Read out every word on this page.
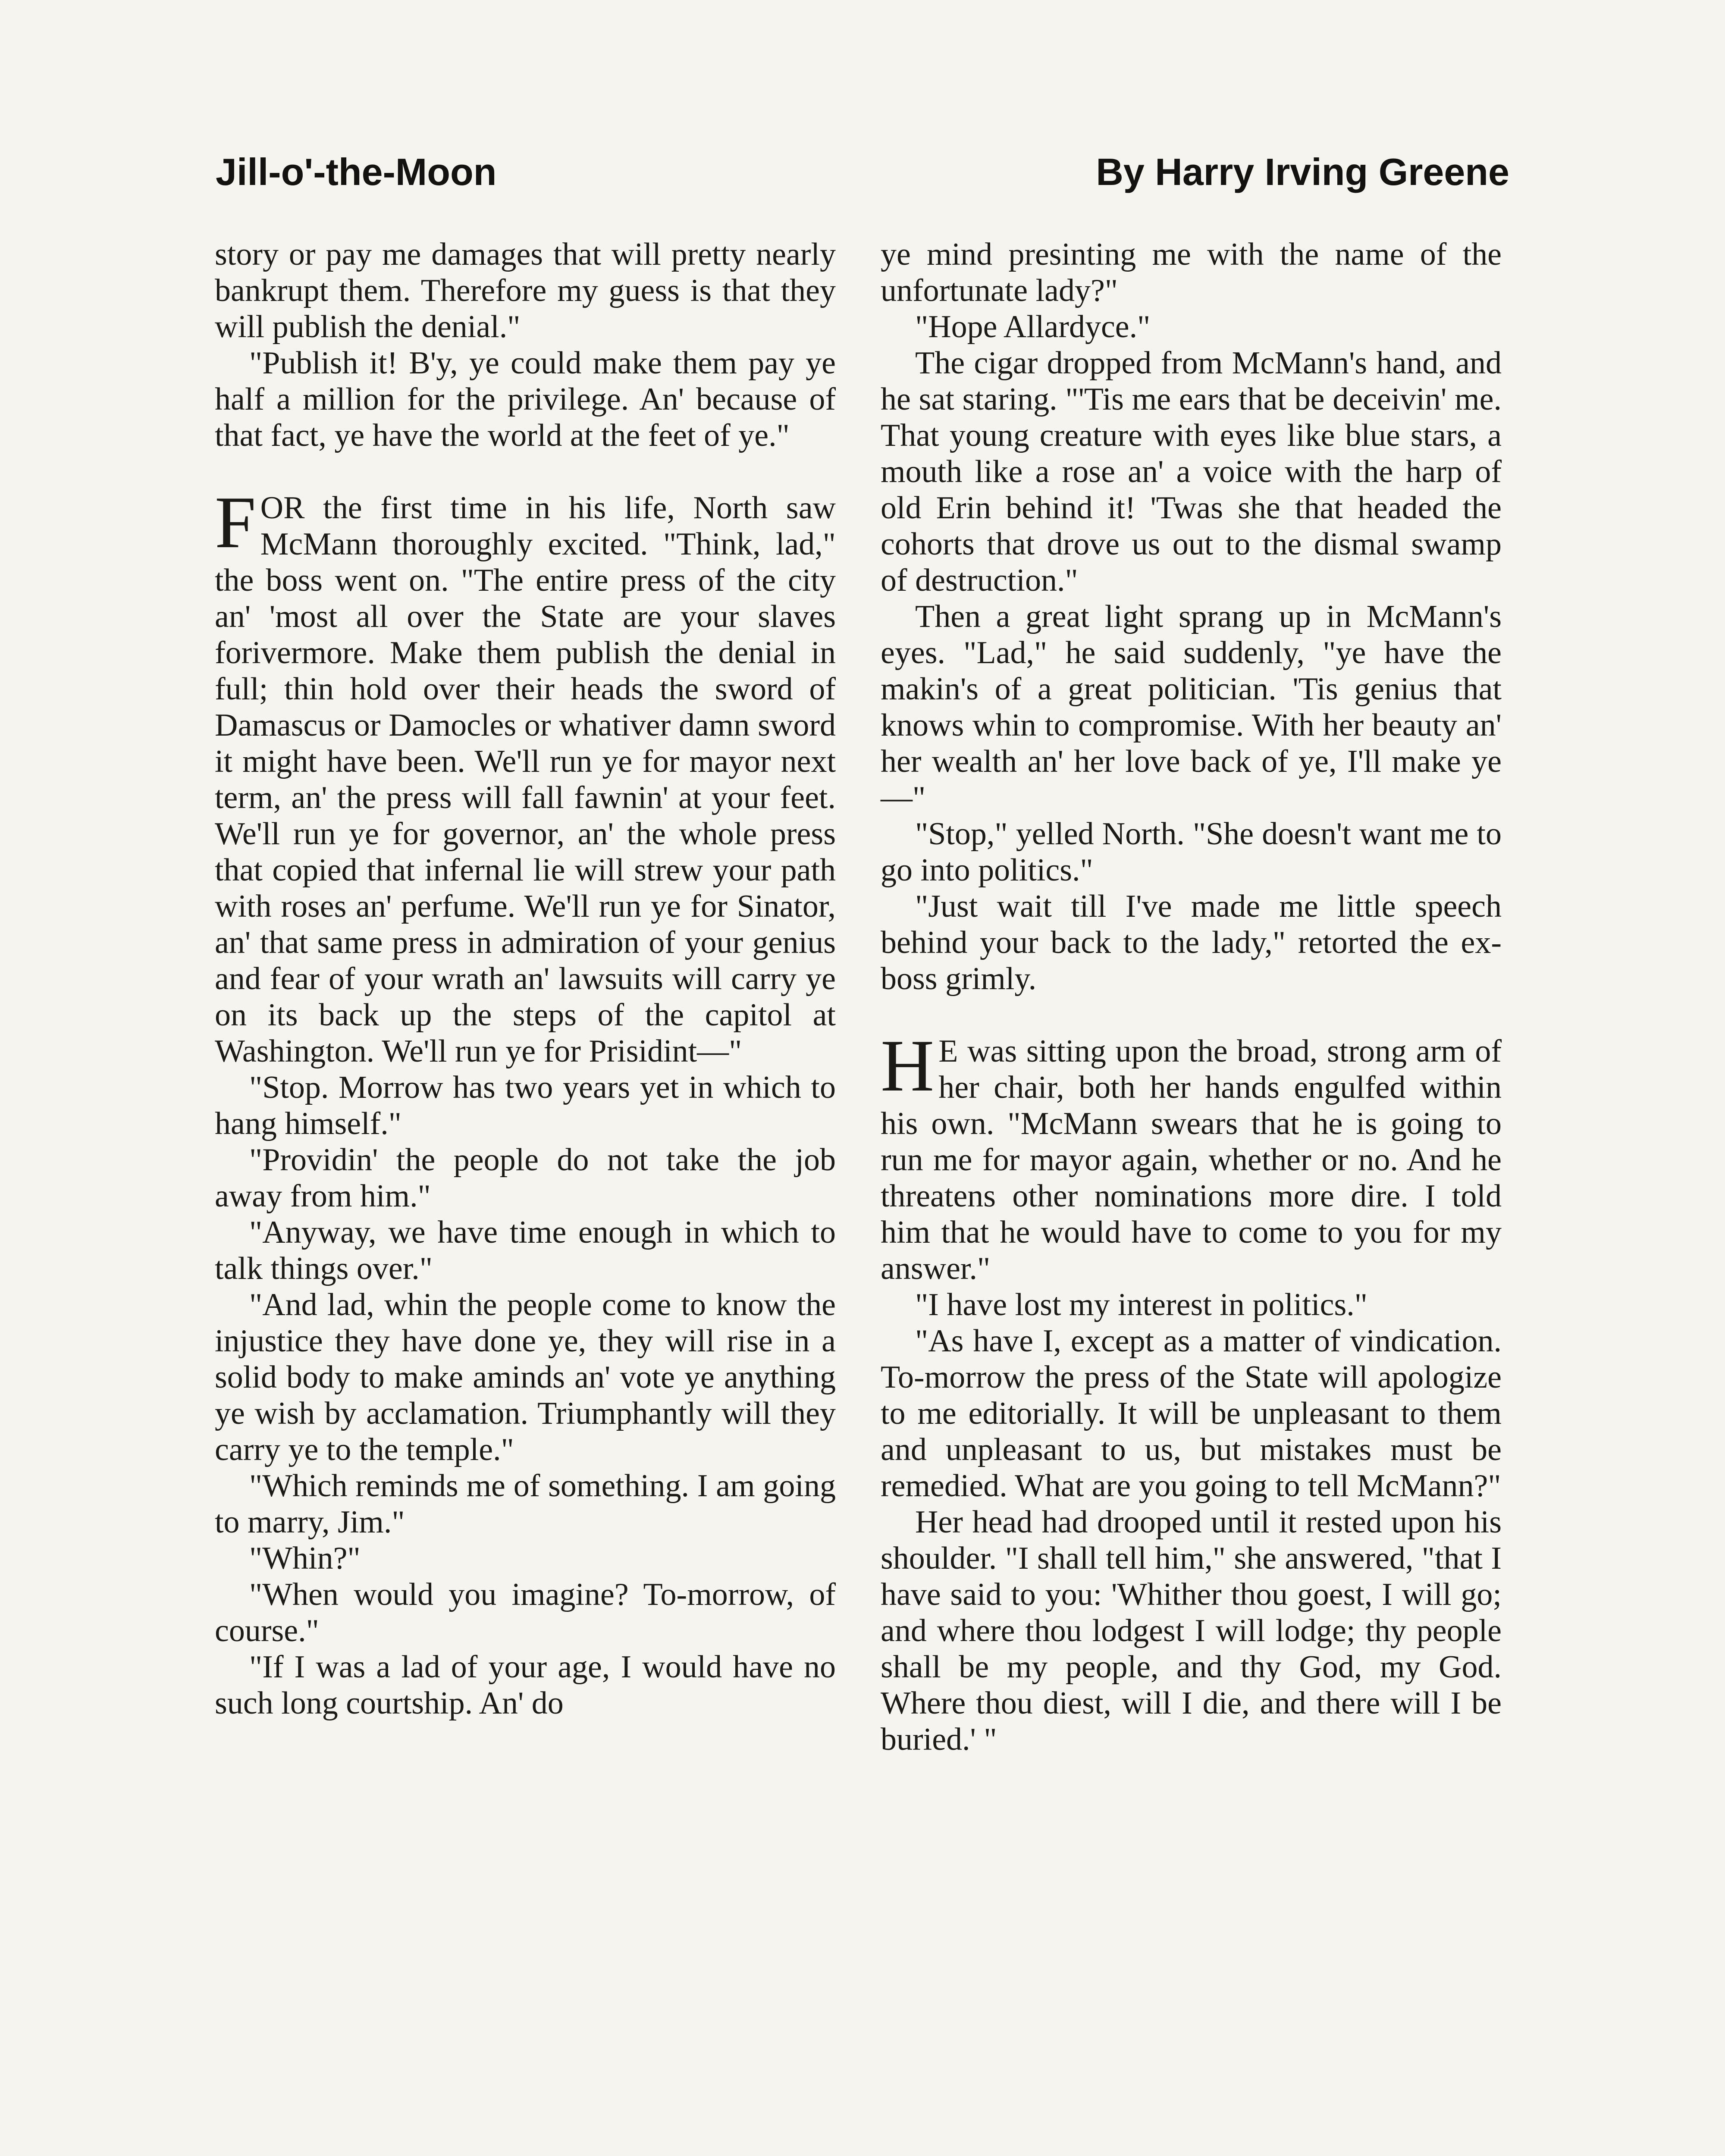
Jill-o'-the-Moon	By Harry Irving Greene

story or pay me damages that will pretty nearly bankrupt them. Therefore my guess is that they will publish the denial."

"Publish it! B'y, ye could make them pay ye half a million for the privilege. An' because of that fact, ye have the world at the feet of ye."

FOR the first time in his life, North saw McMann thoroughly excited. "Think, lad," the boss went on. "The entire press of the city an' 'most all over the State are your slaves forivermore. Make them publish the denial in full; thin hold over their heads the sword of Damascus or Damocles or whativer damn sword it might have been. We'll run ye for mayor next term, an' the press will fall fawnin' at your feet. We'll run ye for governor, an' the whole press that copied that infernal lie will strew your path with roses an' perfume. We'll run ye for Sinator, an' that same press in admiration of your genius and fear of your wrath an' lawsuits will carry ye on its back up the steps of the capitol at Washington. We'll run ye for Prisidint—"

"Stop. Morrow has two years yet in which to hang himself."

"Providin' the people do not take the job away from him."

"Anyway, we have time enough in which to talk things over."

"And lad, whin the people come to know the injustice they have done ye, they will rise in a solid body to make aminds an' vote ye anything ye wish by acclamation. Triumphantly will they carry ye to the temple."

"Which reminds me of something. I am going to marry, Jim."

"Whin?"

"When would you imagine? To-morrow, of course."

"If I was a lad of your age, I would have no such long courtship. An' do

ye mind presinting me with the name of the unfortunate lady?"

"Hope Allardyce."

The cigar dropped from McMann's hand, and he sat staring. "'Tis me ears that be deceivin' me. That young creature with eyes like blue stars, a mouth like a rose an' a voice with the harp of old Erin behind it! 'Twas she that headed the cohorts that drove us out to the dismal swamp of destruction."

Then a great light sprang up in McMann's eyes. "Lad," he said suddenly, "ye have the makin's of a great politician. 'Tis genius that knows whin to compromise. With her beauty an' her wealth an' her love back of ye, I'll make ye—"

"Stop," yelled North. "She doesn't want me to go into politics."

"Just wait till I've made me little speech behind your back to the lady," retorted the ex-boss grimly.

H E was sitting upon the broad, strong arm of her chair, both her hands engulfed within his own. "McMann swears that he is going to run me for mayor again, whether or no. And he threatens other nominations more dire. I told him that he would have to come to you for my answer."

"I have lost my interest in politics."

"As have I, except as a matter of vindication. To-morrow the press of the State will apologize to me editorially. It will be unpleasant to them and unpleasant to us, but mistakes must be remedied. What are you going to tell McMann?"

Her head had drooped until it rested upon his shoulder. "I shall tell him," she answered, "that I have said to you: 'Whither thou goest, I will go; and where thou lodgest I will lodge; thy people shall be my people, and thy God, my God. Where thou diest, will I die, and there will I be buried.' "
